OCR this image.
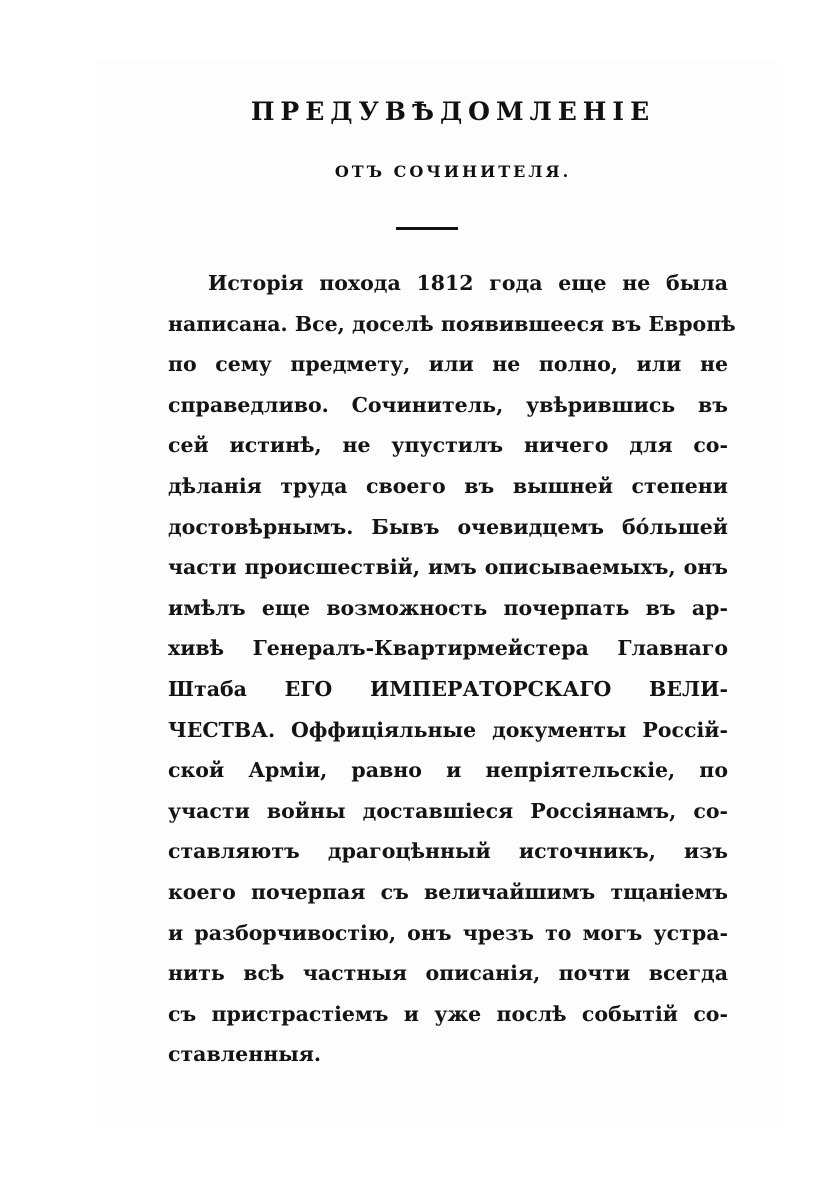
ПРЕДУВѢДОМЛЕНІЕ
ОТЪ СОЧИНИТЕЛЯ.
Исторія похода 1812 года еще не была
написана. Все, доселѣ появившееся въ Европѣ
по сему предмету, или не полно, или не
справедливо. Сочинитель, увѣрившись въ
сей истинѣ, не упустилъ ничего для со-
дѣланія труда своего въ вышней степени
достовѣрнымъ. Бывъ очевидцемъ бо́льшей
части происшествій, имъ описываемыхъ, онъ
имѣлъ еще возможность почерпать въ ар-
хивѣ Генералъ-Квартирмейстера Главнаго
Штаба ЕГО ИМПЕРАТОРСКАГО ВЕЛИ-
ЧЕСТВА. Оффиціяльные документы Россій-
ской Арміи, равно и непріятельскіе, по
участи войны доставшіеся Россіянамъ, со-
ставляютъ драгоцѣнный источникъ, изъ
коего почерпая съ величайшимъ тщаніемъ
и разборчивостію, онъ чрезъ то могъ устра-
нить всѣ частныя описанія, почти всегда
съ пристрастіемъ и уже послѣ событій со-
ставленныя.
